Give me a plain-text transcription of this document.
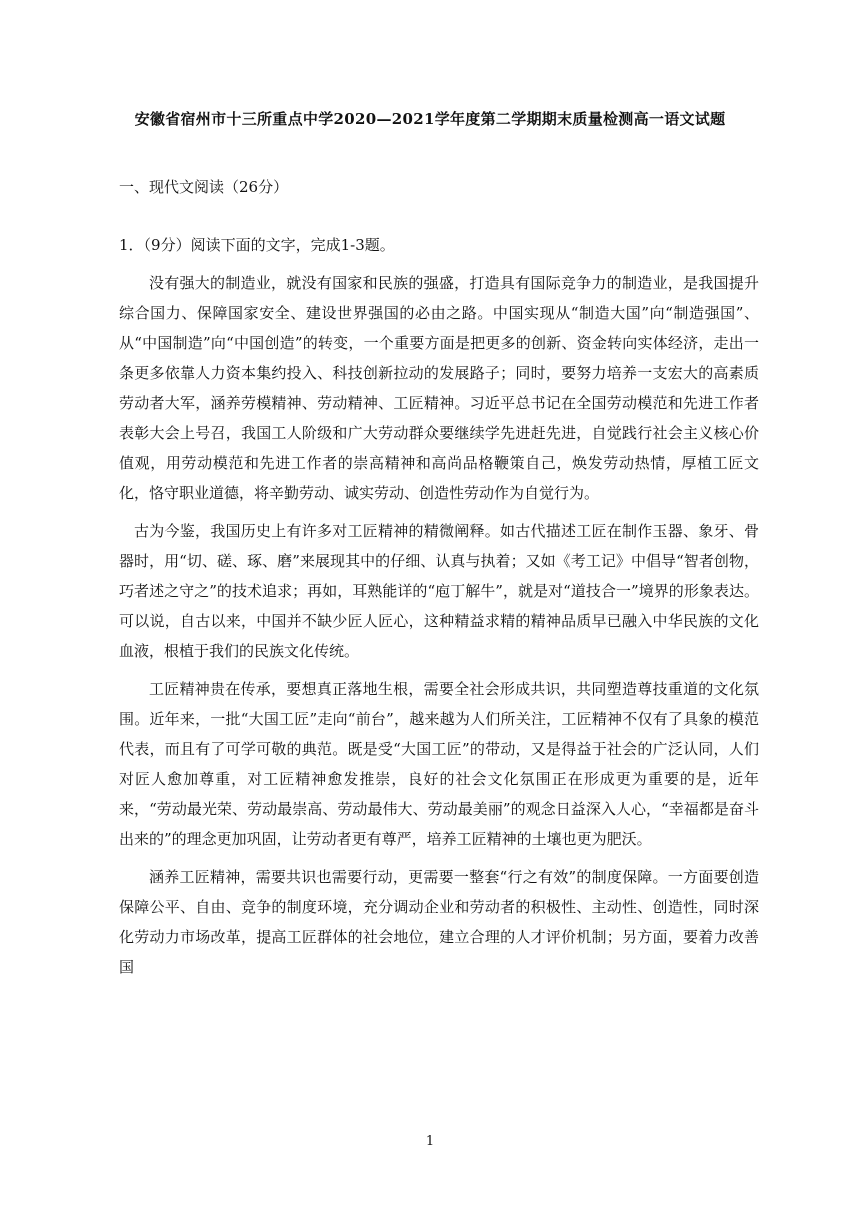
安徽省宿州市十三所重点中学2020—2021学年度第二学期期末质量检测高一语文试题
一、现代文阅读（26分）
1．（9分）阅读下面的文字，完成1-3题。

没有强大的制造业，就没有国家和民族的强盛，打造具有国际竞争力的制造业，是我国提升综合国力、保障国家安全、建设世界强国的必由之路。中国实现从“制造大国”向“制造强国”、从“中国制造”向“中国创造”的转变，一个重要方面是把更多的创新、资金转向实体经济，走出一条更多依靠人力资本集约投入、科技创新拉动的发展路子；同时，要努力培养一支宏大的高素质劳动者大军，涵养劳模精神、劳动精神、工匠精神。习近平总书记在全国劳动模范和先进工作者表彰大会上号召，我国工人阶级和广大劳动群众要继续学先进赶先进，自觉践行社会主义核心价值观，用劳动模范和先进工作者的崇高精神和高尚品格鞭策自己，焕发劳动热情，厚植工匠文化，恪守职业道德，将辛勤劳动、诚实劳动、创造性劳动作为自觉行为。

古为今鉴，我国历史上有许多对工匠精神的精微阐释。如古代描述工匠在制作玉器、象牙、骨器时，用“切、磋、琢、磨”来展现其中的仔细、认真与执着；又如《考工记》中倡导“智者创物，巧者述之守之”的技术追求；再如，耳熟能详的“庖丁解牛”，就是对“道技合一”境界的形象表达。可以说，自古以来，中国并不缺少匠人匠心，这种精益求精的精神品质早已融入中华民族的文化血液，根植于我们的民族文化传统。

工匠精神贵在传承，要想真正落地生根，需要全社会形成共识，共同塑造尊技重道的文化氛围。近年来，一批“大国工匠”走向“前台”，越来越为人们所关注，工匠精神不仅有了具象的模范代表，而且有了可学可敬的典范。既是受“大国工匠”的带动，又是得益于社会的广泛认同，人们对匠人愈加尊重，对工匠精神愈发推崇，良好的社会文化氛围正在形成更为重要的是，近年来，“劳动最光荣、劳动最崇高、劳动最伟大、劳动最美丽”的观念日益深入人心，“幸福都是奋斗出来的”的理念更加巩固，让劳动者更有尊严，培养工匠精神的土壤也更为肥沃。

涵养工匠精神，需要共识也需要行动，更需要一整套“行之有效”的制度保障。一方面要创造保障公平、自由、竞争的制度环境，充分调动企业和劳动者的积极性、主动性、创造性，同时深化劳动力市场改革，提高工匠群体的社会地位，建立合理的人才评价机制；另方面，要着力改善国

1
